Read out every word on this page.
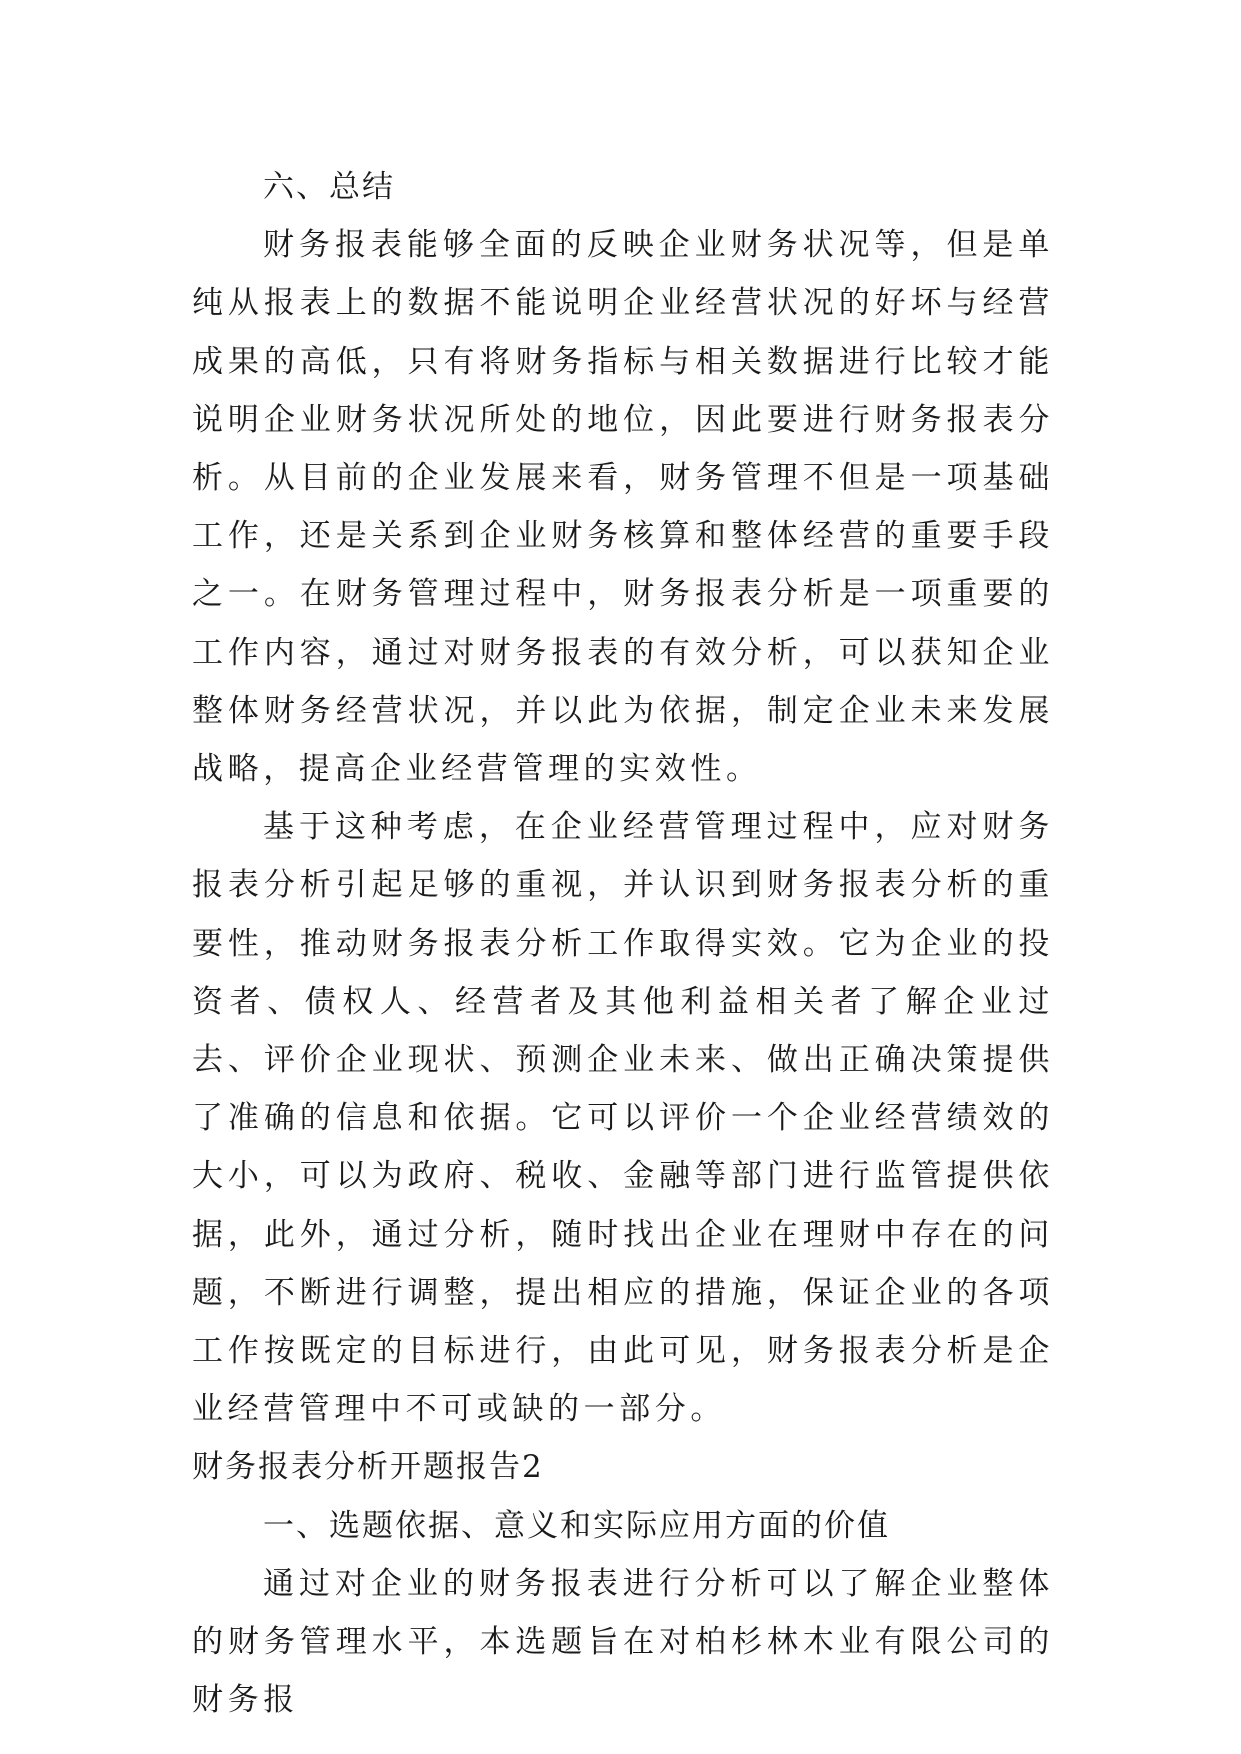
六、总结

财务报表能够全面的反映企业财务状况等，但是单纯从报表上的数据不能说明企业经营状况的好坏与经营成果的高低，只有将财务指标与相关数据进行比较才能说明企业财务状况所处的地位，因此要进行财务报表分析。从目前的企业发展来看，财务管理不但是一项基础工作，还是关系到企业财务核算和整体经营的重要手段之一。在财务管理过程中，财务报表分析是一项重要的工作内容，通过对财务报表的有效分析，可以获知企业整体财务经营状况，并以此为依据，制定企业未来发展战略，提高企业经营管理的实效性。

基于这种考虑，在企业经营管理过程中，应对财务报表分析引起足够的重视，并认识到财务报表分析的重要性，推动财务报表分析工作取得实效。它为企业的投资者、债权人、经营者及其他利益相关者了解企业过去、评价企业现状、预测企业未来、做出正确决策提供了准确的信息和依据。它可以评价一个企业经营绩效的大小，可以为政府、税收、金融等部门进行监管提供依据，此外，通过分析，随时找出企业在理财中存在的问题，不断进行调整，提出相应的措施，保证企业的各项工作按既定的目标进行，由此可见，财务报表分析是企业经营管理中不可或缺的一部分。

财务报表分析开题报告2

一、选题依据、意义和实际应用方面的价值

通过对企业的财务报表进行分析可以了解企业整体的财务管理水平，本选题旨在对柏杉林木业有限公司的财务报
